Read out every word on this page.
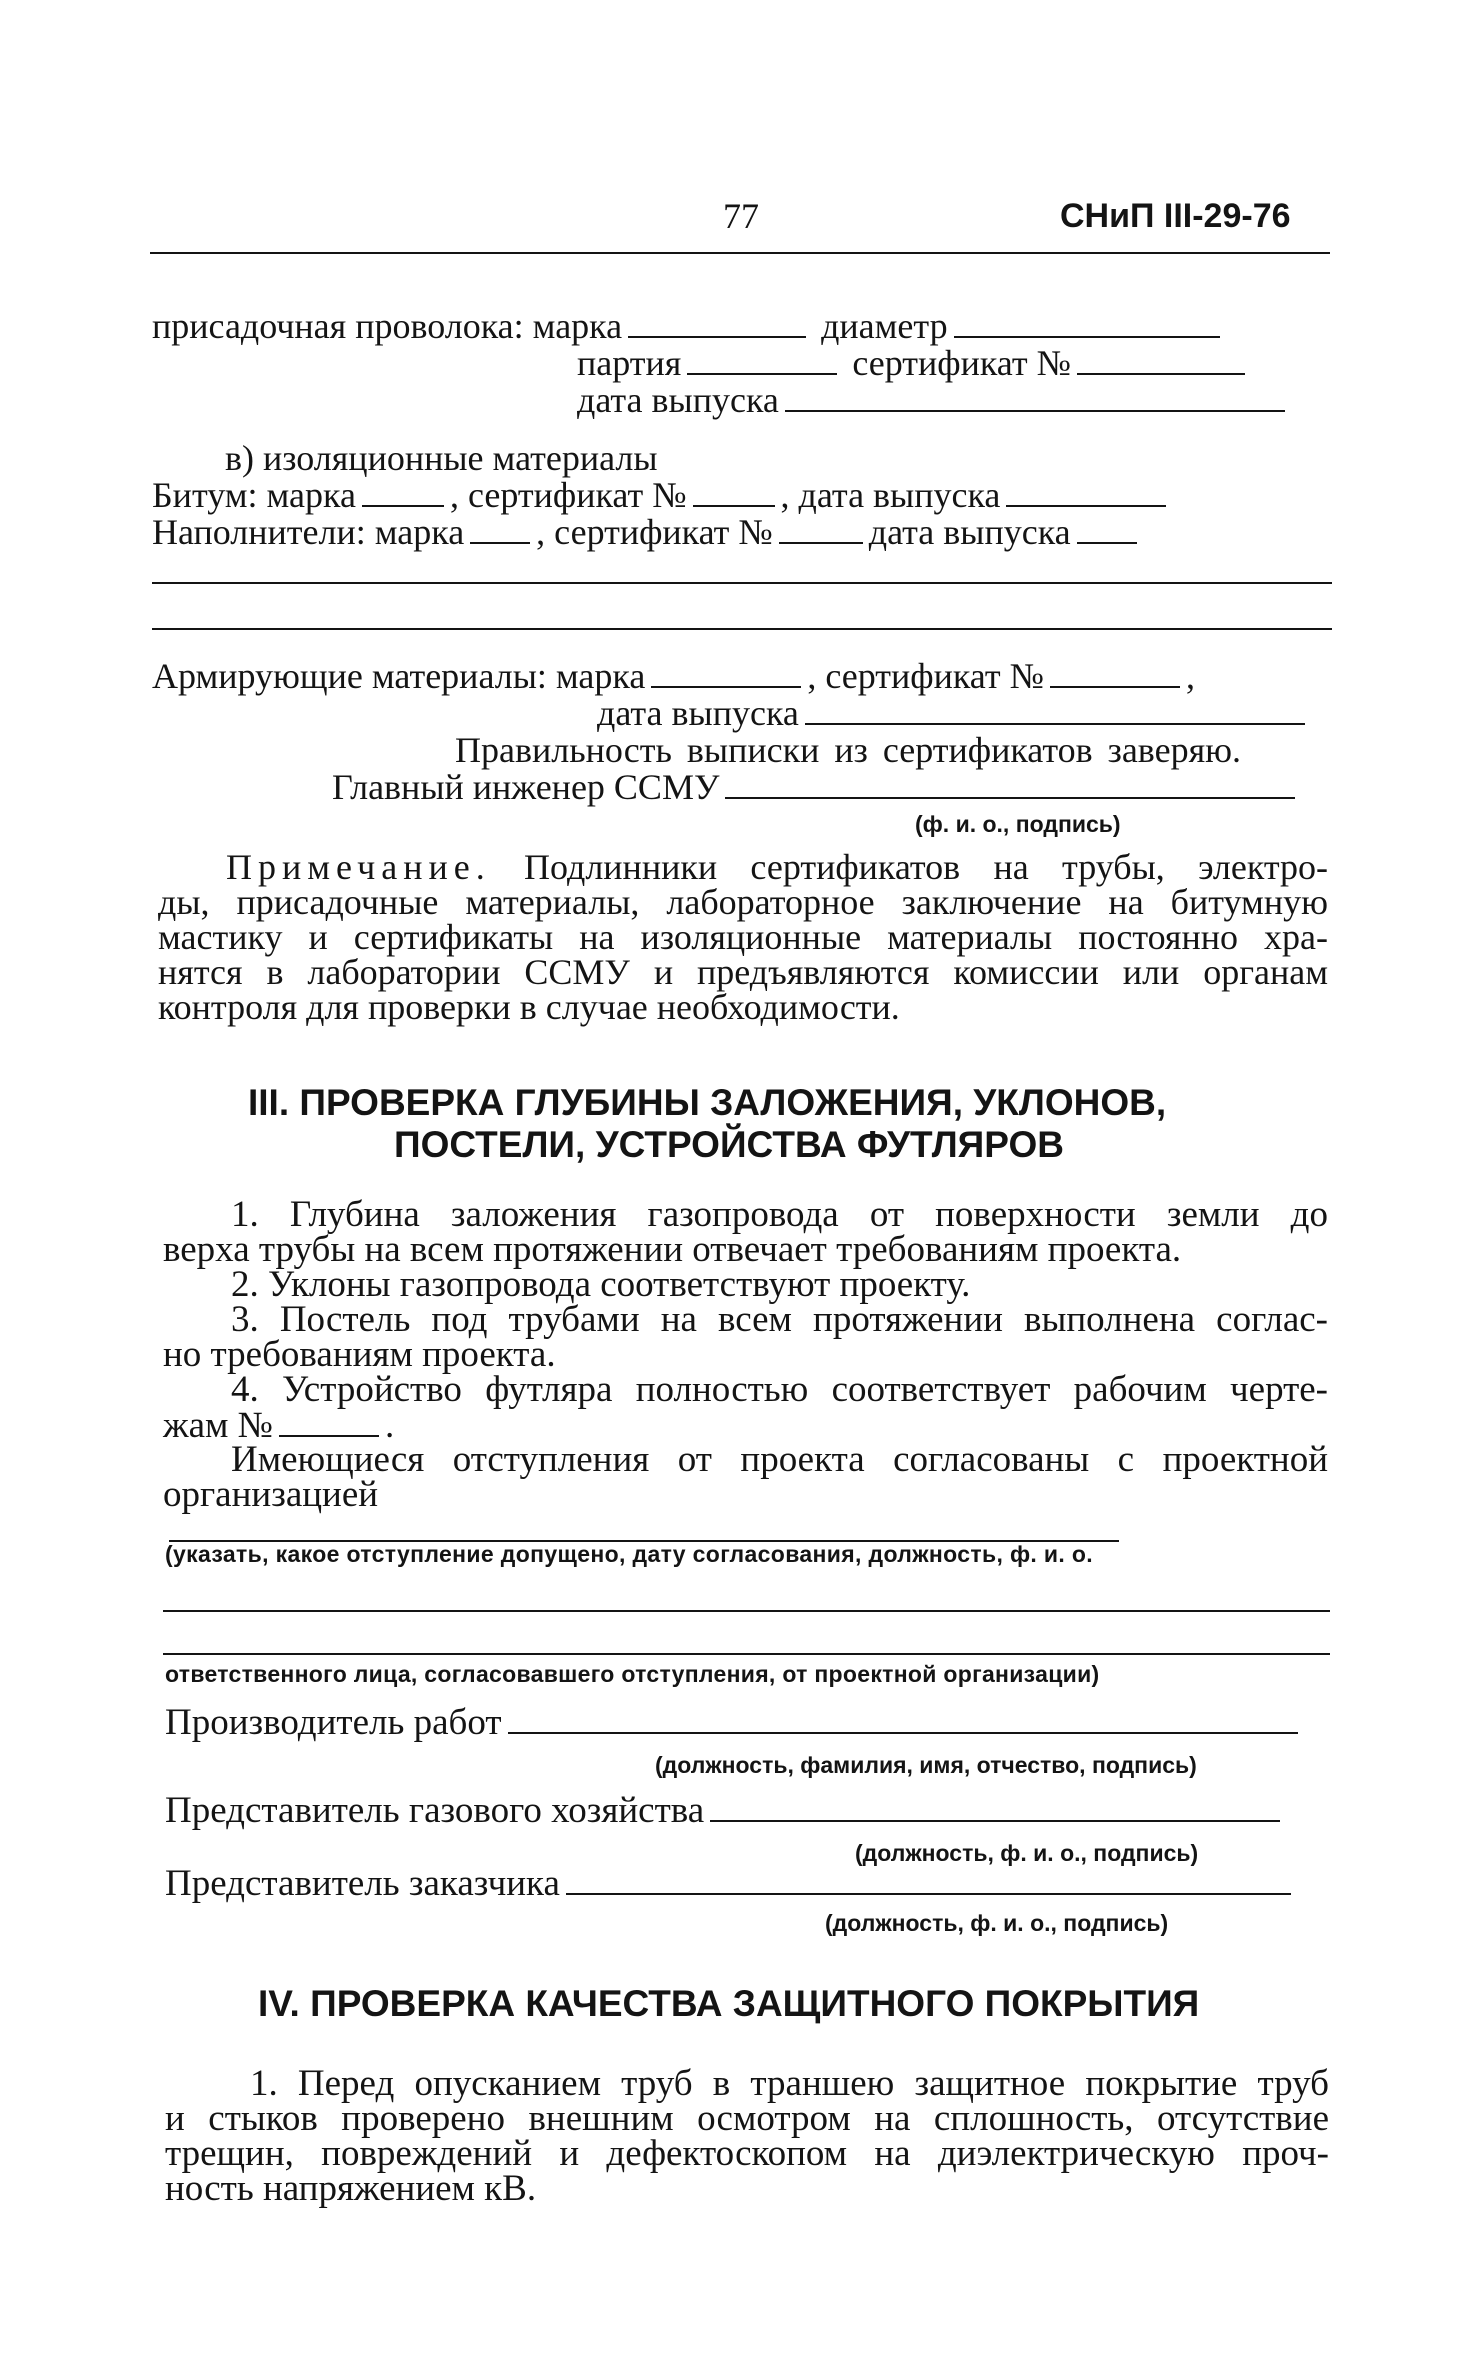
77	СНиП III-29-76
присадочная проволока: марка	диаметр
партия	сертификат №
дата выпуска
в) изоляционные материалы
Битум: марка	, сертификат №	, дата выпуска
Наполнители: марка , сертификат №	дата выпуска
Армирующие материалы: марка	, сертификат №	,
дата выпуска
Правильность выписки из сертификатов заверяю.
Главный инженер ССМУ
(ф. и. о., подпись)
Примечание. Подлинники сертификатов на трубы, электро-
ды, присадочные материалы, лабораторное заключение на битумную
мастику и сертификаты на изоляционные материалы постоянно хра-
нятся в лаборатории ССМУ и предъявляются комиссии или органам
контроля для проверки в случае необходимости.
III. ПРОВЕРКА ГЛУБИНЫ ЗАЛОЖЕНИЯ, УКЛОНОВ,
ПОСТЕЛИ, УСТРОЙСТВА ФУТЛЯРОВ
1. Глубина заложения газопровода от поверхности земли до
верха трубы на всем протяжении отвечает требованиям проекта.
2. Уклоны газопровода соответствуют проекту.
3. Постель под трубами на всем протяжении выполнена соглас-
но требованиям проекта.
4. Устройство футляра полностью соответствует рабочим черте-
жам №	.
Имеющиеся отступления от проекта согласованы с проектной
организацией
(указать, какое отступление допущено, дату согласования, должность, ф. и. о.
ответственного лица, согласовавшего отступления, от проектной организации)
Производитель работ
(должность, фамилия, имя, отчество, подпись)
Представитель газового хозяйства
(должность, ф. и. о., подпись)
Представитель заказчика
(должность, ф. и. о., подпись)
IV. ПРОВЕРКА КАЧЕСТВА ЗАЩИТНОГО ПОКРЫТИЯ
1. Перед опусканием труб в траншею защитное покрытие труб
и стыков проверено внешним осмотром на сплошность, отсутствие
трещин, повреждений и дефектоскопом на диэлектрическую проч-
ность напряжением кВ.
